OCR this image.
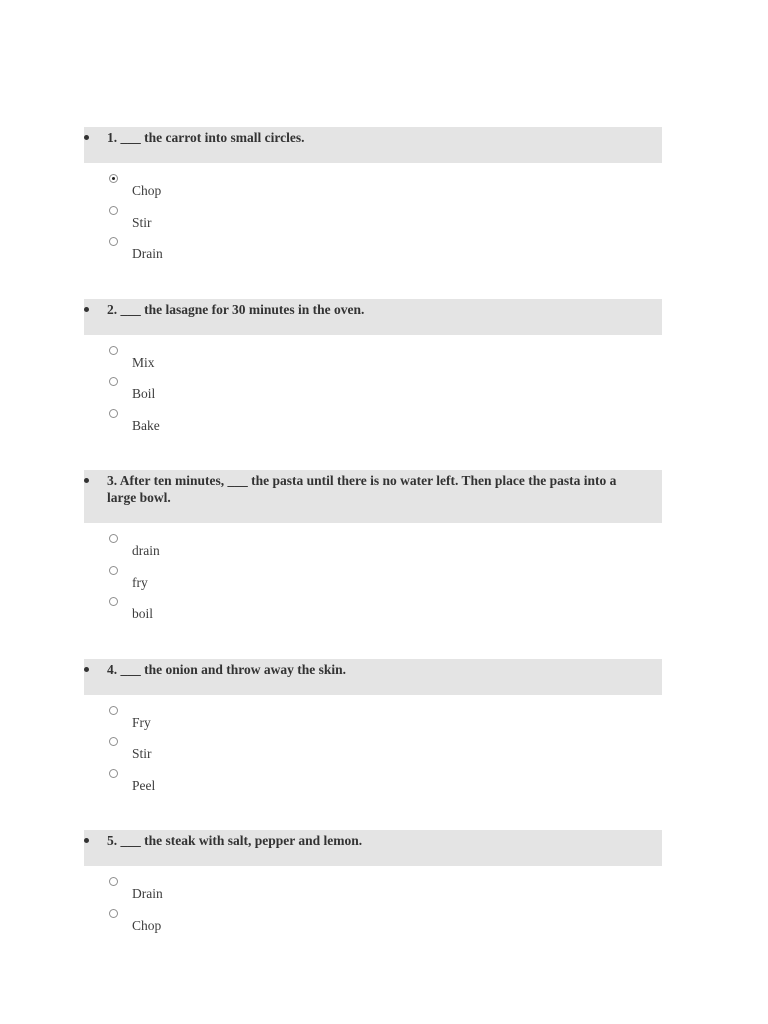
1. ___ the carrot into small circles.
Chop
Stir
Drain
2. ___ the lasagne for 30 minutes in the oven.
Mix
Boil
Bake
3. After ten minutes, ___ the pasta until there is no water left. Then place the pasta into a large bowl.
drain
fry
boil
4. ___ the onion and throw away the skin.
Fry
Stir
Peel
5. ___ the steak with salt, pepper and lemon.
Drain
Chop
